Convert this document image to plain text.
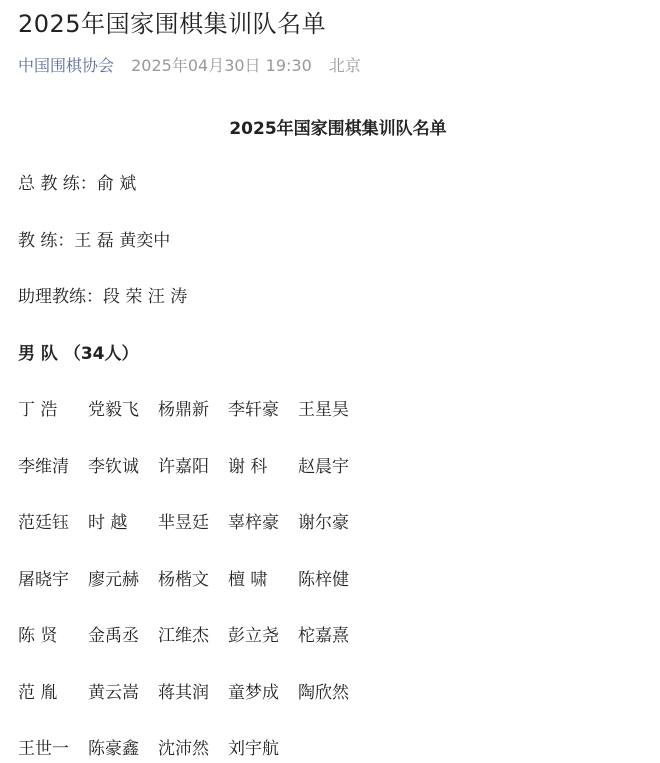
2025年国家围棋集训队名单
中国围棋协会 2025年04月30日 19:30 北京
2025年国家围棋集训队名单
总 教 练：俞 斌
教 练：王 磊 黄奕中
助理教练：段 荣 汪 涛
男 队 （34人）
丁 浩 党毅飞 杨鼎新 李轩豪 王星昊
李维清 李钦诚 许嘉阳 谢 科 赵晨宇
范廷钰 时 越 芈昱廷 辜梓豪 谢尔豪
屠晓宇 廖元赫 杨楷文 檀 啸 陈梓健
陈 贤 金禹丞 江维杰 彭立尧 柁嘉熹
范 胤 黄云嵩 蒋其润 童梦成 陶欣然
王世一 陈豪鑫 沈沛然 刘宇航
